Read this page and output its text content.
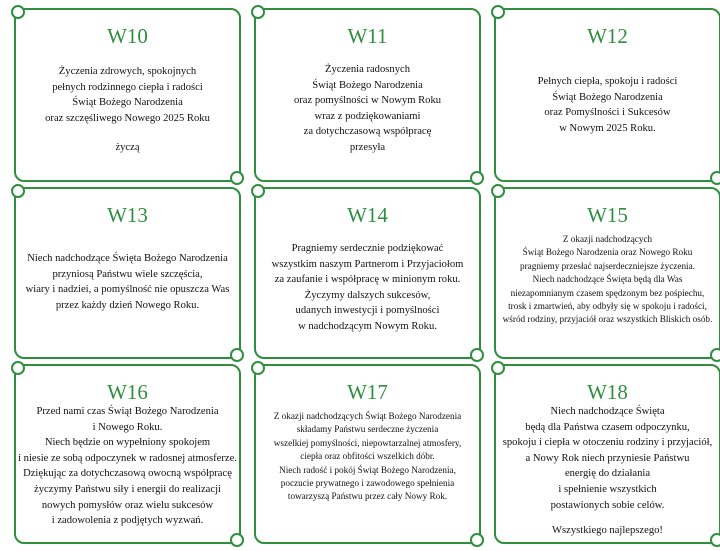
W10
Życzenia zdrowych, spokojnych
pełnych rodzinnego ciepła i radości
Świąt Bożego Narodzenia
oraz szczęśliwego Nowego 2025 Roku
życzą
W11
Życzenia radosnych
Świąt Bożego Narodzenia
oraz pomyślności w Nowym Roku
wraz z podziękowaniami
za dotychczasową współpracę
przesyła
W12
Pełnych ciepła, spokoju i radości
Świąt Bożego Narodzenia
oraz Pomyślności i Sukcesów
w Nowym 2025 Roku.
W13
Niech nadchodzące Święta Bożego Narodzenia
przyniosą Państwu wiele szczęścia,
wiary i nadziei, a pomyślność nie opuszcza Was
przez każdy dzień Nowego Roku.
W14
Pragniemy serdecznie podziękować
wszystkim naszym Partnerom i Przyjaciołom
za zaufanie i współpracę w minionym roku.
Życzymy dalszych sukcesów,
udanych inwestycji i pomyślności
w nadchodzącym Nowym Roku.
W15
Z okazji nadchodzących
Świąt Bożego Narodzenia oraz Nowego Roku
pragniemy przesłać najserdeczniejsze życzenia.
Niech nadchodzące Święta będą dla Was
niezapomnianym czasem spędzonym bez pośpiechu,
trosk i zmartwień, aby odbyły się w spokoju i radości,
wśród rodziny, przyjaciół oraz wszystkich Bliskich osób.
W16
Przed nami czas Świąt Bożego Narodzenia
i Nowego Roku.
Niech będzie on wypełniony spokojem
i niesie ze sobą odpoczynek w radosnej atmosferze.
Dziękując za dotychczasową owocną współpracę
życzymy Państwu siły i energii do realizacji
nowych pomysłów oraz wielu sukcesów
i zadowolenia z podjętych wyzwań.
W17
Z okazji nadchodzących Świąt Bożego Narodzenia
składamy Państwu serdeczne życzenia
wszelkiej pomyślności, niepowtarzalnej atmosfery,
ciepła oraz obfitości wszelkich dóbr.
Niech radość i pokój Świąt Bożego Narodzenia,
poczucie prywatnego i zawodowego spełnienia
towarzyszą Państwu przez cały Nowy Rok.
W18
Niech nadchodzące Święta
będą dla Państwa czasem odpoczynku,
spokoju i ciepła w otoczeniu rodziny i przyjaciół,
a Nowy Rok niech przyniesie Państwu
energię do działania
i spełnienie wszystkich
postawionych sobie celów.
Wszystkiego najlepszego!
